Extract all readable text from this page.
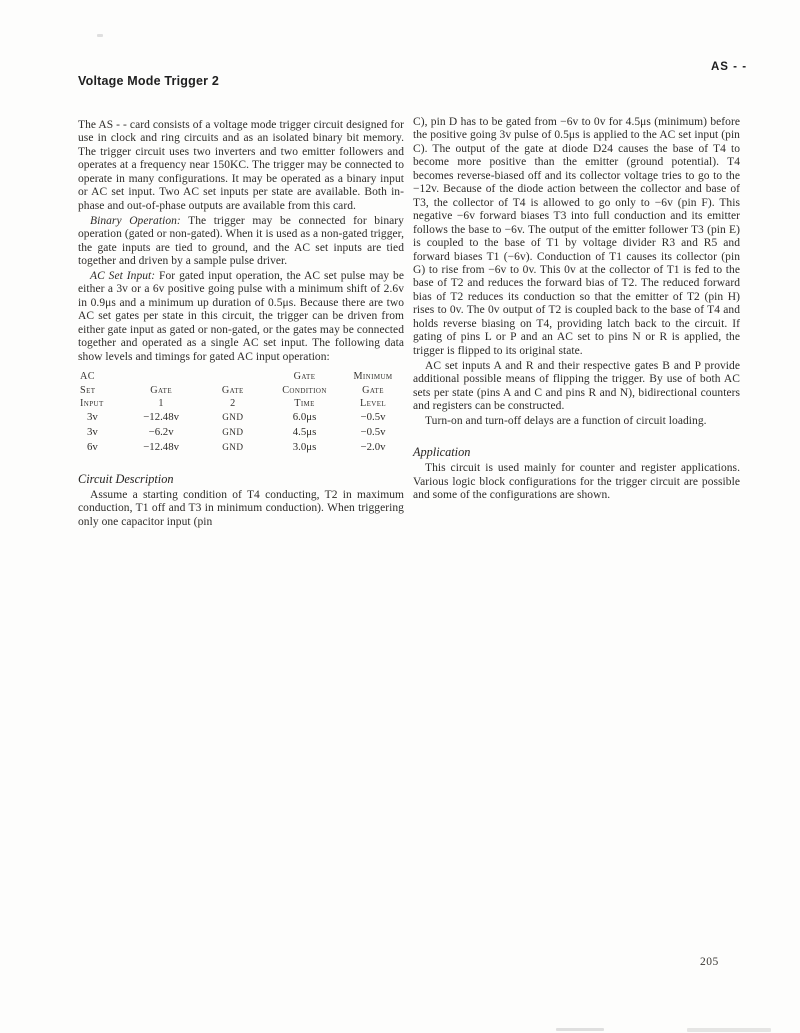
Voltage Mode Trigger 2
AS - -

The AS - - card consists of a voltage mode trigger circuit designed for use in clock and ring circuits and as an isolated binary bit memory. The trigger circuit uses two inverters and two emitter followers and operates at a frequency near 150KC. The trigger may be connected to operate in many configurations. It may be operated as a binary input or AC set input. Two AC set inputs per state are available. Both in-phase and out-of-phase outputs are available from this card.

Binary Operation: The trigger may be connected for binary operation (gated or non-gated). When it is used as a non-gated trigger, the gate inputs are tied to ground, and the AC set inputs are tied together and driven by a sample pulse driver.

AC Set Input: For gated input operation, the AC set pulse may be either a 3v or a 6v positive going pulse with a minimum shift of 2.6v in 0.9μs and a minimum up duration of 0.5μs. Because there are two AC set gates per state in this circuit, the trigger can be driven from either gate input as gated or non-gated, or the gates may be connected together and operated as a single AC set input. The following data show levels and timings for gated AC input operation:

AC			Gate	Minimum
Set	Gate	Gate	Condition	Gate
Input	1	2	Time	Level
3v	−12.48v	GND	6.0μs	−0.5v
3v	−6.2v	GND	4.5μs	−0.5v
6v	−12.48v	GND	3.0μs	−2.0v
Circuit Description

Assume a starting condition of T4 conducting, T2 in maximum conduction, T1 off and T3 in minimum conduction). When triggering only one capacitor input (pin

C), pin D has to be gated from −6v to 0v for 4.5μs (minimum) before the positive going 3v pulse of 0.5μs is applied to the AC set input (pin C). The output of the gate at diode D24 causes the base of T4 to become more positive than the emitter (ground potential). T4 becomes reverse-biased off and its collector voltage tries to go to the −12v. Because of the diode action between the collector and base of T3, the collector of T4 is allowed to go only to −6v (pin F). This negative −6v forward biases T3 into full conduction and its emitter follows the base to −6v. The output of the emitter follower T3 (pin E) is coupled to the base of T1 by voltage divider R3 and R5 and forward biases T1 (−6v). Conduction of T1 causes its collector (pin G) to rise from −6v to 0v. This 0v at the collector of T1 is fed to the base of T2 and reduces the forward bias of T2. The reduced forward bias of T2 reduces its conduction so that the emitter of T2 (pin H) rises to 0v. The 0v output of T2 is coupled back to the base of T4 and holds reverse biasing on T4, providing latch back to the circuit. If gating of pins L or P and an AC set to pins N or R is applied, the trigger is flipped to its original state.

AC set inputs A and R and their respective gates B and P provide additional possible means of flipping the trigger. By use of both AC sets per state (pins A and C and pins R and N), bidirectional counters and registers can be constructed.

Turn-on and turn-off delays are a function of circuit loading.

Application

This circuit is used mainly for counter and register applications. Various logic block configurations for the trigger circuit are possible and some of the configurations are shown.

205
